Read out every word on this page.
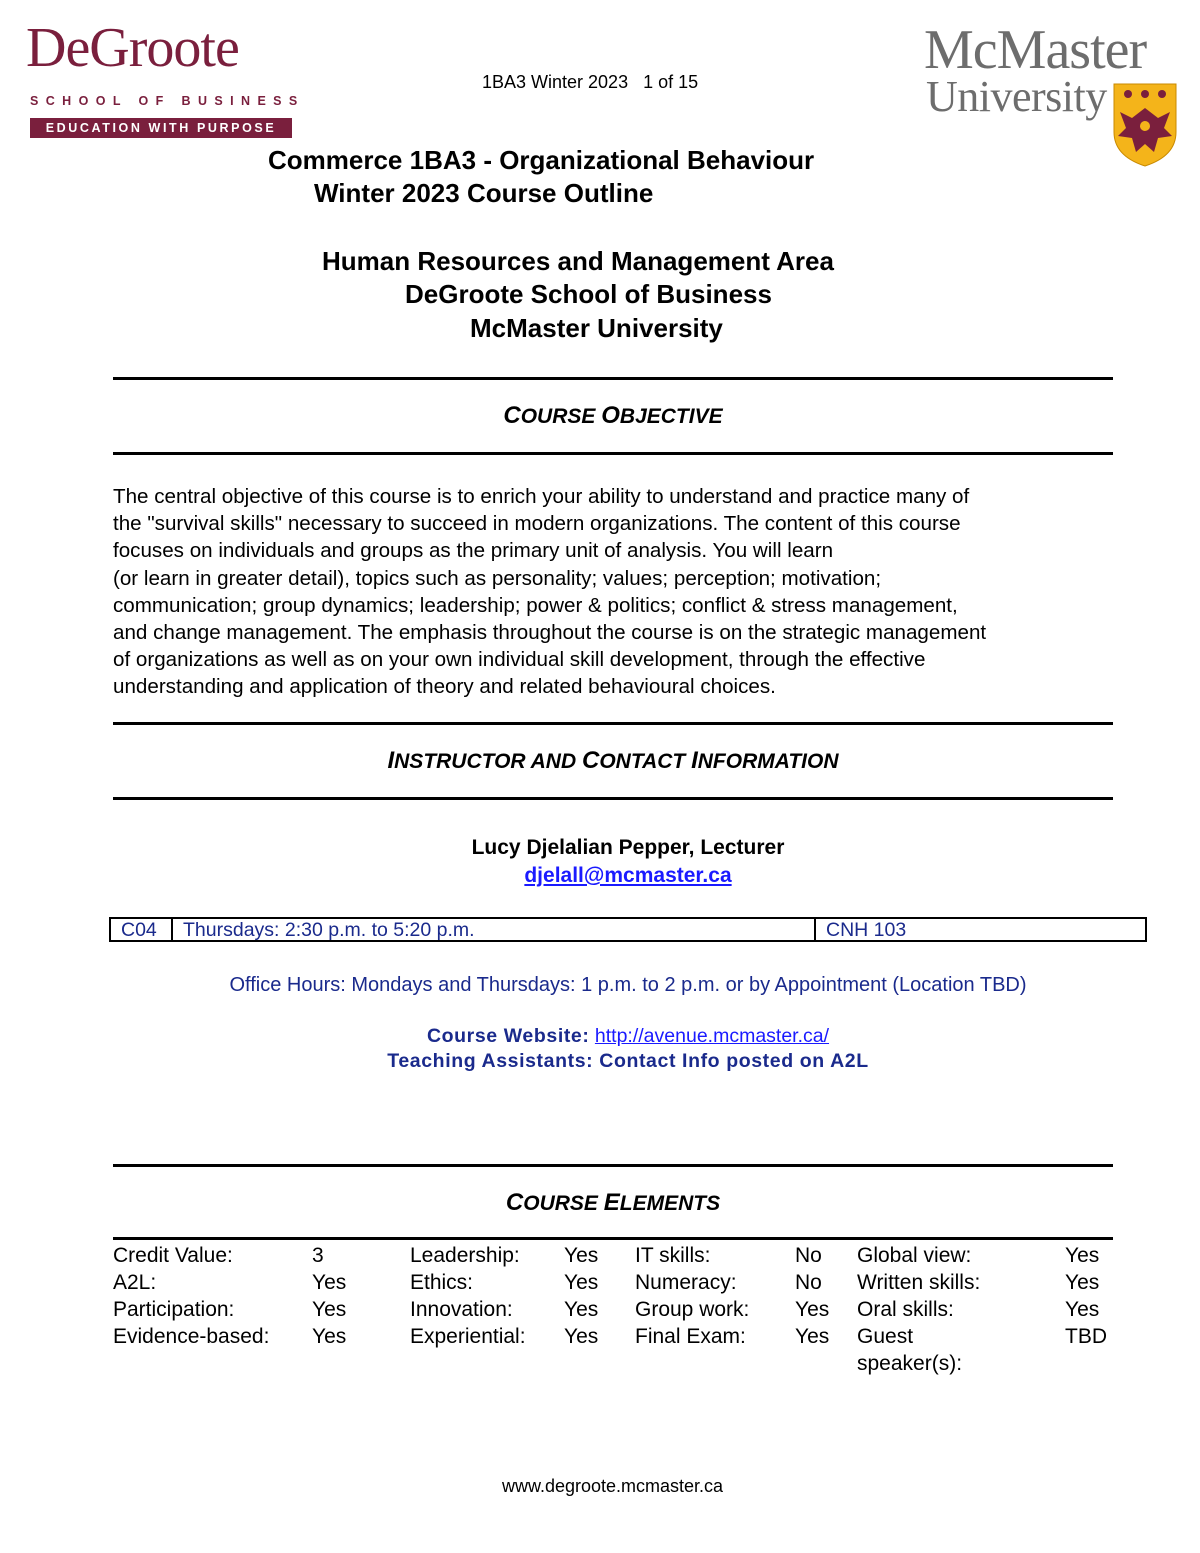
DeGroote
SCHOOL OF BUSINESS
EDUCATION WITH PURPOSE
1BA3 Winter 2023   1 of 15
McMaster
University
Commerce 1BA3 - Organizational Behaviour
Winter 2023 Course Outline
Human Resources and Management Area
DeGroote School of Business
McMaster University
COURSE OBJECTIVE

The central objective of this course is to enrich your ability to understand and practice many of

the "survival skills" necessary to succeed in modern organizations. The content of this course

focuses on individuals and groups as the primary unit of analysis. You will learn

(or learn in greater detail), topics such as personality; values; perception; motivation;

communication; group dynamics; leadership; power & politics; conflict & stress management,

and change management. The emphasis throughout the course is on the strategic management

of organizations as well as on your own individual skill development, through the effective

understanding and application of theory and related behavioural choices.

INSTRUCTOR AND CONTACT INFORMATION
Lucy Djelalian Pepper, Lecturer
djelall@mcmaster.ca
C04	Thursdays: 2:30 p.m. to 5:20 p.m.	CNH 103
Office Hours: Mondays and Thursdays: 1 p.m. to 2 p.m. or by Appointment (Location TBD)
Course Website: http://avenue.mcmaster.ca/
Teaching Assistants: Contact Info posted on A2L
COURSE ELEMENTS
Credit Value:	3	Leadership: Yes IT skills:	No Global view:	Yes
A2L:	Yes	Ethics:	Yes Numeracy:	No Written skills:	Yes
Participation:	Yes	Innovation: Yes Group work: Yes Oral skills:	Yes
Evidence-based: Yes	Experiential: Yes Final Exam: Yes Guest	TBD
speaker(s):
www.degroote.mcmaster.ca
